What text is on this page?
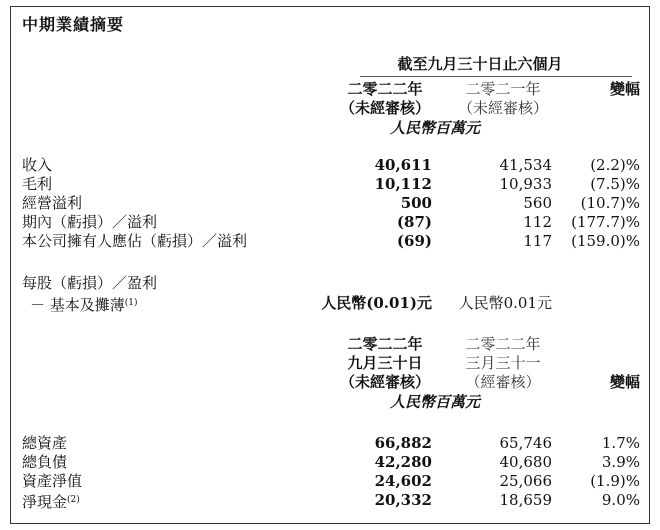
中期業績摘要
截至九月三十日止六個月
二零二二年	二零二一年	變幅
（未經審核）	（未經審核）
人民幣百萬元
收入	40,611	41,534	(2.2)%
毛利	10,112	10,933	(7.5)%
經營溢利	500	560	(10.7)%
期內（虧損）／溢利	(87)	112	(177.7)%
本公司擁有人應佔（虧損）／溢利	(69)	117	(159.0)%
每股（虧損）／盈利
－ 基本及攤薄$^{(1)}$	人民幣(0.01)元	人民幣0.01元
二零二二年	二零二二年
九月三十日	三月三十一
（未經審核）	（經審核）	變幅
人民幣百萬元
總資產	66,882	65,746	1.7%
總負債	42,280	40,680	3.9%
資產淨值	24,602	25,066	(1.9)%
淨現金$^{(2)}$	20,332	18,659	9.0%
